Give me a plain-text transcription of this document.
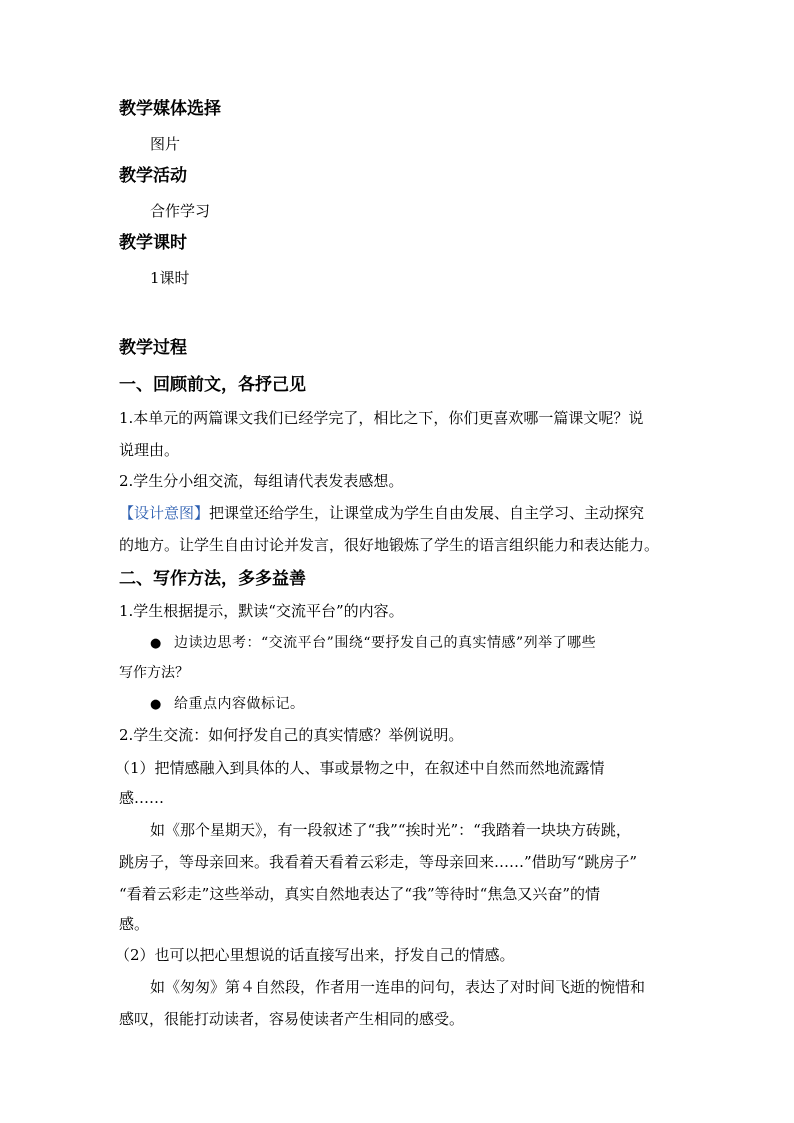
教学媒体选择
图片
教学活动
合作学习
教学课时
1课时
教学过程
一、回顾前文，各抒己见
1.本单元的两篇课文我们已经学完了，相比之下，你们更喜欢哪一篇课文呢？说
说理由。
2.学生分小组交流，每组请代表发表感想。
【设计意图】把课堂还给学生，让课堂成为学生自由发展、自主学习、主动探究
的地方。让学生自由讨论并发言，很好地锻炼了学生的语言组织能力和表达能力。
二、写作方法，多多益善
1.学生根据提示，默读“交流平台”的内容。
● 边读边思考：“交流平台”围绕“要抒发自己的真实情感”列举了哪些
写作方法？
● 给重点内容做标记。
2.学生交流：如何抒发自己的真实情感？举例说明。
（1）把情感融入到具体的人、事或景物之中，在叙述中自然而然地流露情
感……
如《那个星期天》，有一段叙述了“我”“挨时光”：“我踏着一块块方砖跳，
跳房子，等母亲回来。我看着天看着云彩走，等母亲回来……”借助写“跳房子”
“看着云彩走”这些举动，真实自然地表达了“我”等待时“焦急又兴奋”的情
感。
（2）也可以把心里想说的话直接写出来，抒发自己的情感。
如《匆匆》第４自然段，作者用一连串的问句，表达了对时间飞逝的惋惜和
感叹，很能打动读者，容易使读者产生相同的感受。
